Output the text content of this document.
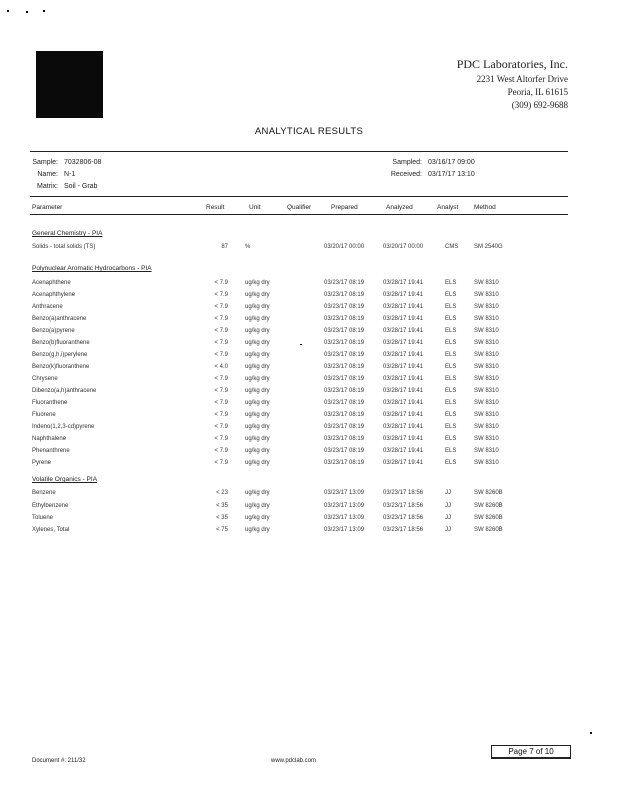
PDC Laboratories, Inc.
2231 West Altorfer Drive
Peoria, IL 61615
(309) 692-9688
ANALYTICAL RESULTS
Sample: 7032806-08
Name: N-1
Matrix: Soil - Grab
Sampled: 03/16/17 09:00
Received: 03/17/17 13:10
Parameter	Result	Unit	Qualifier	Prepared	Analyzed	Analyst Method
General Chemistry - PIA
Solids - total solids (TS)	87	%	03/20/17 00:00	03/20/17 00:00	CMS	SM 2540G
Polynuclear Aromatic Hydrocarbons - PIA
Acenaphthene	< 7.9	ug/kg dry	03/23/17 08:19	03/28/17 19:41	ELS	SW 8310
Acenaphthylene	< 7.9	ug/kg dry	03/23/17 08:19	03/28/17 19:41	ELS	SW 8310
Anthracene	< 7.9	ug/kg dry	03/23/17 08:19	03/28/17 19:41	ELS	SW 8310
Benzo(a)anthracene	< 7.9	ug/kg dry	03/23/17 08:19	03/28/17 19:41	ELS	SW 8310
Benzo(a)pyrene	< 7.9	ug/kg dry	03/23/17 08:19	03/28/17 19:41	ELS	SW 8310
Benzo(b)fluoranthene	< 7.9	ug/kg dry	03/23/17 08:19	03/28/17 19:41	ELS	SW 8310
Benzo(g,h,i)perylene	< 7.9	ug/kg dry	03/23/17 08:19	03/28/17 19:41	ELS	SW 8310
Benzo(k)fluoranthene	< 4.0	ug/kg dry	03/23/17 08:19	03/28/17 19:41	ELS	SW 8310
Chrysene	< 7.9	ug/kg dry	03/23/17 08:19	03/28/17 19:41	ELS	SW 8310
Dibenzo(a,h)anthracene	< 7.9	ug/kg dry	03/23/17 08:19	03/28/17 19:41	ELS	SW 8310
Fluoranthene	< 7.9	ug/kg dry	03/23/17 08:19	03/28/17 19:41	ELS	SW 8310
Fluorene	< 7.9	ug/kg dry	03/23/17 08:19	03/28/17 19:41	ELS	SW 8310
Indeno(1,2,3-cd)pyrene	< 7.9	ug/kg dry	03/23/17 08:19	03/28/17 19:41	ELS	SW 8310
Naphthalene	< 7.9	ug/kg dry	03/23/17 08:19	03/28/17 19:41	ELS	SW 8310
Phenanthrene	< 7.9	ug/kg dry	03/23/17 08:19	03/28/17 19:41	ELS	SW 8310
Pyrene	< 7.9	ug/kg dry	03/23/17 08:19	03/28/17 19:41	ELS	SW 8310
Volatile Organics - PIA
Benzene	< 23	ug/kg dry	03/23/17 13:09	03/23/17 18:56	JJ	SW 8260B
Ethylbenzene	< 35	ug/kg dry	03/23/17 13:09	03/23/17 18:56	JJ	SW 8260B
Toluene	< 35	ug/kg dry	03/23/17 13:09	03/23/17 18:56	JJ	SW 8260B
Xylenes, Total	< 75	ug/kg dry	03/23/17 13:09	03/23/17 18:56	JJ	SW 8260B
Document #: 211/32	www.pdclab.com
Page 7 of 10
